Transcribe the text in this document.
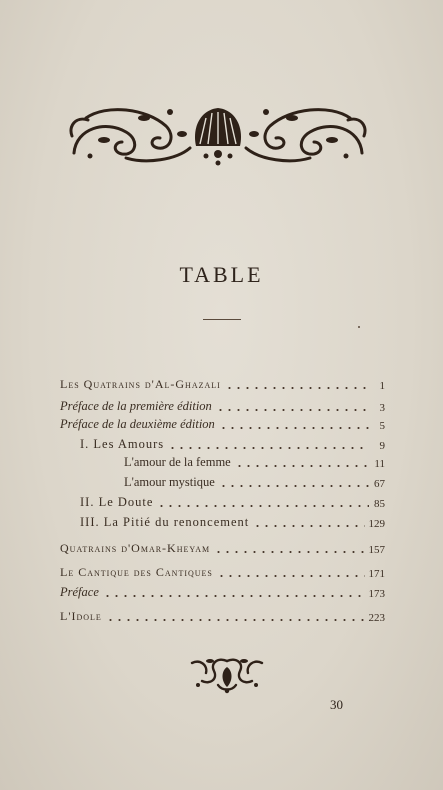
TABLE
Les Quatrains d'Al-Ghazali	1
Préface de la première édition	3
Préface de la deuxième édition	5
I. Les Amours	9
L'amour de la femme	11
L'amour mystique	67
II. Le Doute	85
III. La Pitié du renoncement	129
Quatrains d'Omar-Kheyam	157
Le Cantique des Cantiques	171
Préface	173
L'Idole	223
30
